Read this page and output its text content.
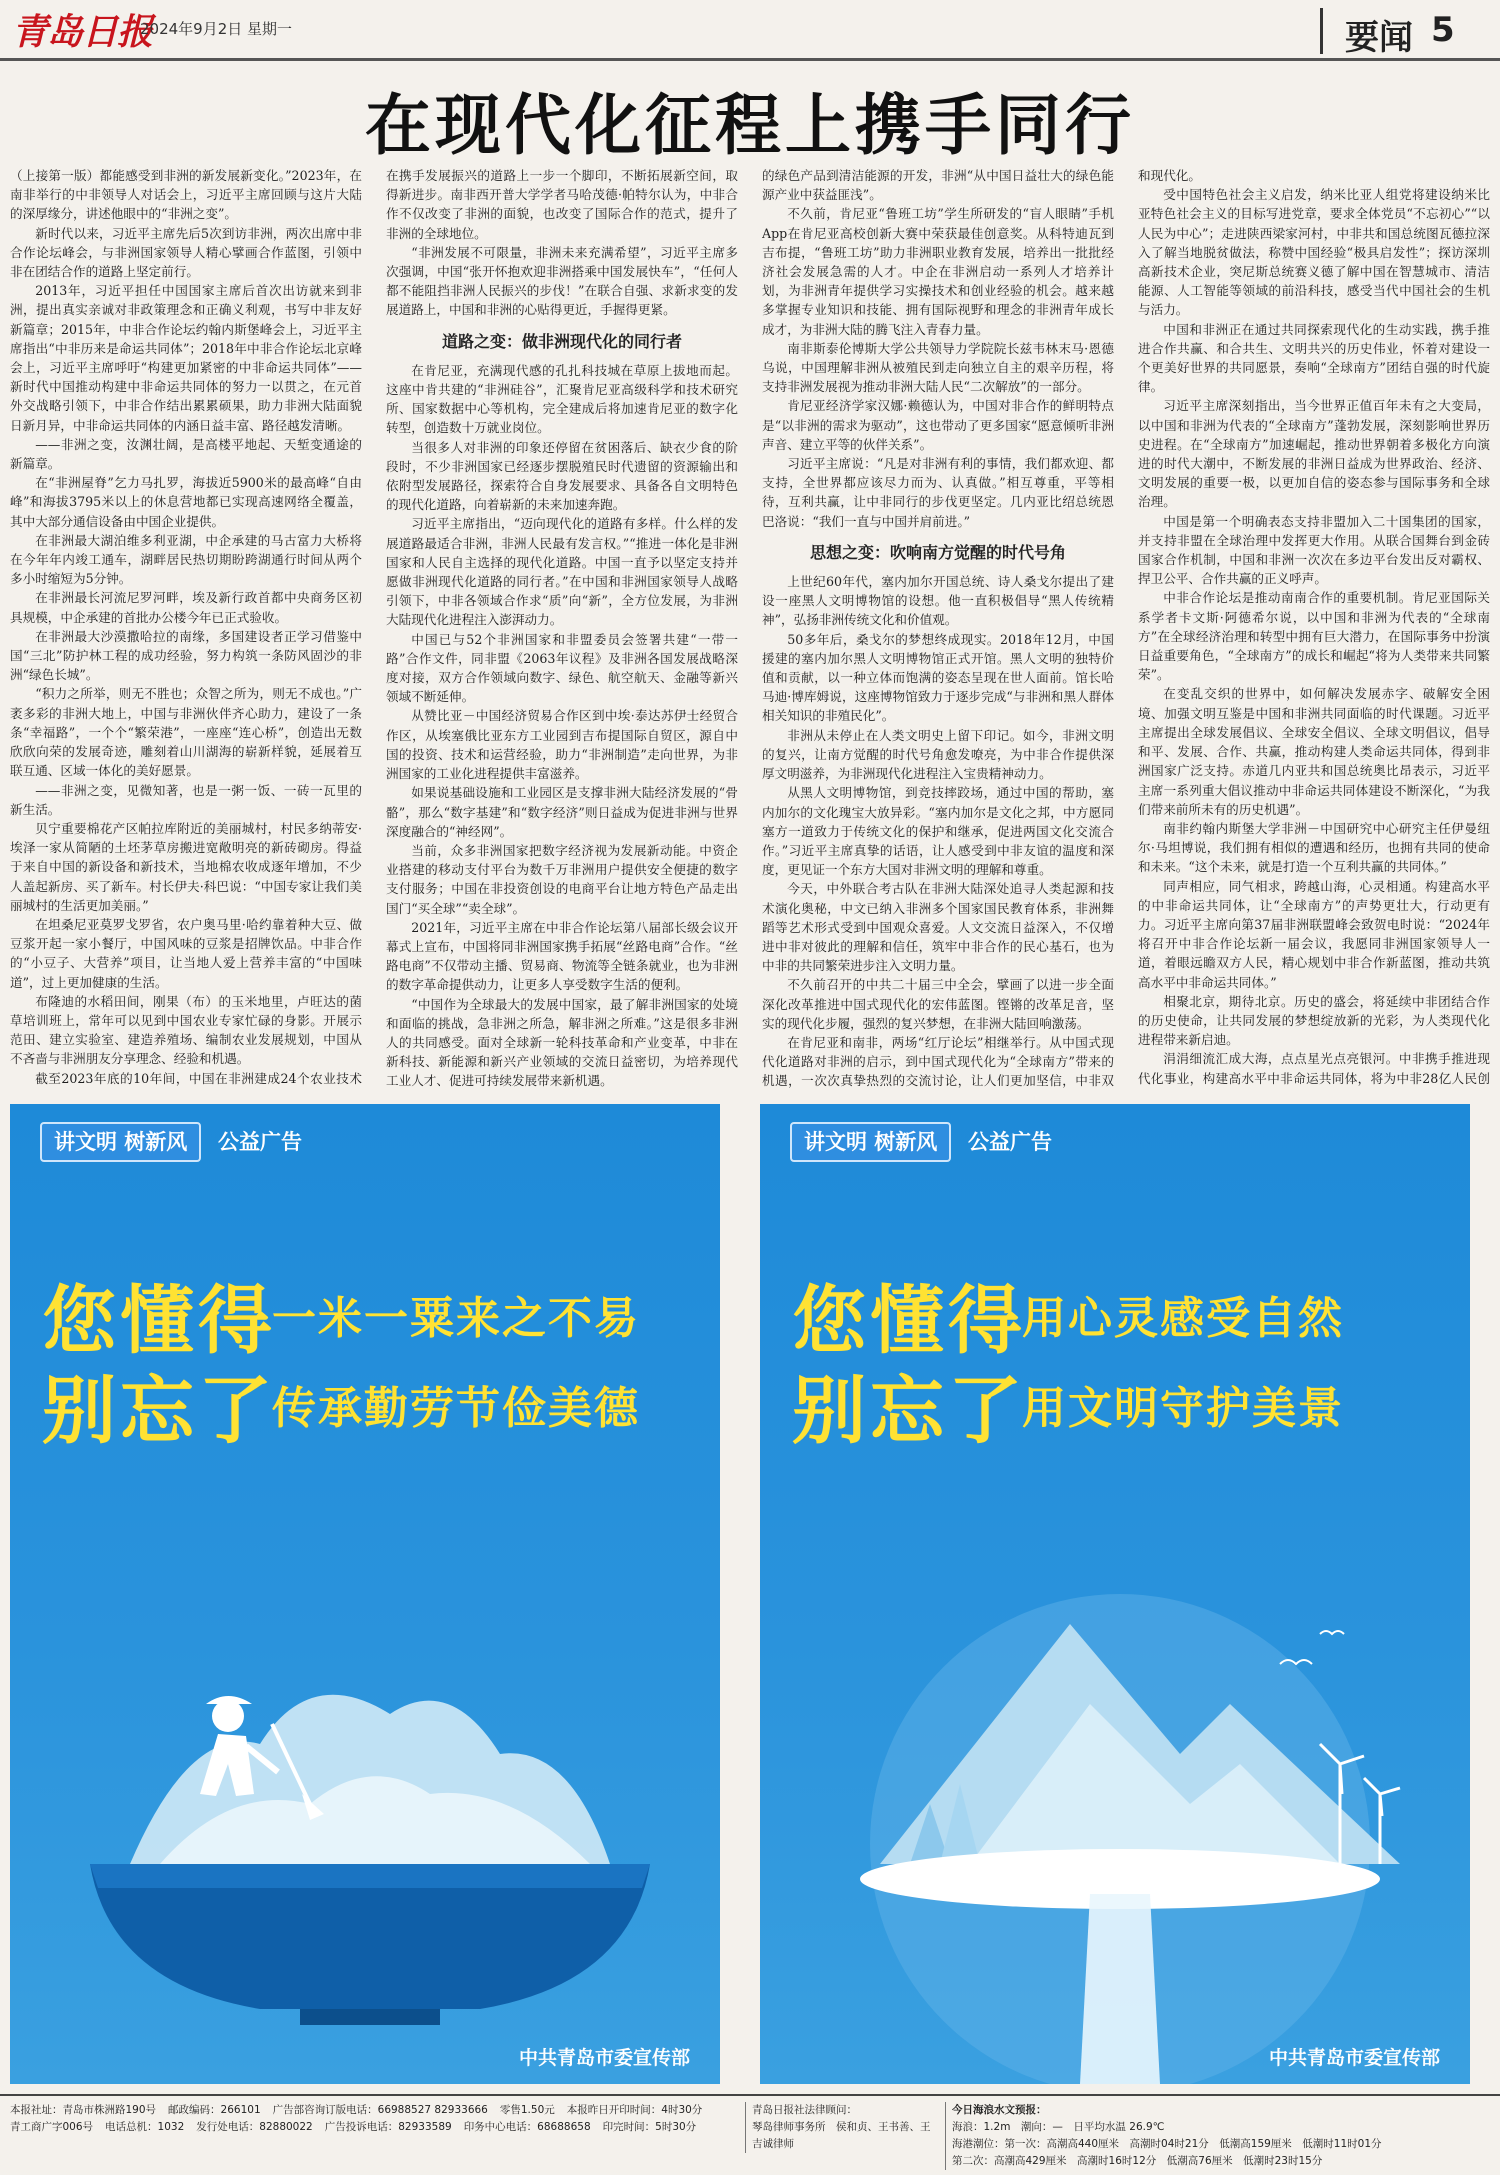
青岛日报
2024年9月2日 星期一	要闻 5
在现代化征程上携手同行

（上接第一版）都能感受到非洲的新发展新变化。”2023年，在南非举行的中非领导人对话会上，习近平主席回顾与这片大陆的深厚缘分，讲述他眼中的“非洲之变”。

新时代以来，习近平主席先后5次到访非洲，两次出席中非合作论坛峰会，与非洲国家领导人精心擘画合作蓝图，引领中非在团结合作的道路上坚定前行。

2013年，习近平担任中国国家主席后首次出访就来到非洲，提出真实亲诚对非政策理念和正确义利观，书写中非友好新篇章；2015年，中非合作论坛约翰内斯堡峰会上，习近平主席指出“中非历来是命运共同体”；2018年中非合作论坛北京峰会上，习近平主席呼吁“构建更加紧密的中非命运共同体”——新时代中国推动构建中非命运共同体的努力一以贯之，在元首外交战略引领下，中非合作结出累累硕果，助力非洲大陆面貌日新月异，中非命运共同体的内涵日益丰富、路径越发清晰。

——非洲之变，汝渊壮阔，是高楼平地起、天堑变通途的新篇章。

在“非洲屋脊”乞力马扎罗，海拔近5900米的最高峰“自由峰”和海拔3795米以上的休息营地都已实现高速网络全覆盖，其中大部分通信设备由中国企业提供。

在非洲最大湖泊维多利亚湖，中企承建的马古富力大桥将在今年年内竣工通车，湖畔居民热切期盼跨湖通行时间从两个多小时缩短为5分钟。

在非洲最长河流尼罗河畔，埃及新行政首都中央商务区初具规模，中企承建的首批办公楼今年已正式验收。

在非洲最大沙漠撒哈拉的南缘，多国建设者正学习借鉴中国“三北”防护林工程的成功经验，努力构筑一条防风固沙的非洲“绿色长城”。

“积力之所举，则无不胜也；众智之所为，则无不成也。”广袤多彩的非洲大地上，中国与非洲伙伴齐心助力，建设了一条条“幸福路”，一个个“繁荣港”，一座座“连心桥”，创造出无数欣欣向荣的发展奇迹，雕刻着山川湖海的崭新样貌，延展着互联互通、区域一体化的美好愿景。

——非洲之变，见微知著，也是一粥一饭、一砖一瓦里的新生活。

贝宁重要棉花产区帕拉库附近的美丽城村，村民多纳蒂安·埃泽一家从简陋的土坯茅草房搬进宽敞明亮的新砖砌房。得益于来自中国的新设备和新技术，当地棉农收成逐年增加，不少人盖起新房、买了新车。村长伊夫·科巴说：“中国专家让我们美丽城村的生活更加美丽。”

在坦桑尼亚莫罗戈罗省，农户奥马里·哈约靠着种大豆、做豆浆开起一家小餐厅，中国风味的豆浆是招牌饮品。中非合作的“小豆子、大营养”项目，让当地人爱上营养丰富的“中国味道”，过上更加健康的生活。

布隆迪的水稻田间，刚果（布）的玉米地里，卢旺达的菌草培训班上，常年可以见到中国农业专家忙碌的身影。开展示范田、建立实验室、建造养殖场、编制农业发展规划，中国从不吝啬与非洲朋友分享理念、经验和机遇。

截至2023年底的10年间，中国在非洲建成24个农业技术

在携手发展振兴的道路上一步一个脚印，不断拓展新空间，取得新进步。南非西开普大学学者马哈茂德·帕特尔认为，中非合作不仅改变了非洲的面貌，也改变了国际合作的范式，提升了非洲的全球地位。

“非洲发展不可限量，非洲未来充满希望”，习近平主席多次强调，中国“张开怀抱欢迎非洲搭乘中国发展快车”，“任何人都不能阻挡非洲人民振兴的步伐！”在联合自强、求新求变的发展道路上，中国和非洲的心贴得更近，手握得更紧。

道路之变：做非洲现代化的同行者

在肯尼亚，充满现代感的孔扎科技城在草原上拔地而起。这座中肯共建的“非洲硅谷”，汇聚肯尼亚高级科学和技术研究所、国家数据中心等机构，完全建成后将加速肯尼亚的数字化转型，创造数十万就业岗位。

当很多人对非洲的印象还停留在贫困落后、缺衣少食的阶段时，不少非洲国家已经逐步摆脱殖民时代遗留的资源输出和依附型发展路径，探索符合自身发展要求、具备各自文明特色的现代化道路，向着崭新的未来加速奔跑。

习近平主席指出，“迈向现代化的道路有多样。什么样的发展道路最适合非洲，非洲人民最有发言权。”“推进一体化是非洲国家和人民自主选择的现代化道路。中国一直予以坚定支持并愿做非洲现代化道路的同行者。”在中国和非洲国家领导人战略引领下，中非各领域合作求“质”向“新”，全方位发展，为非洲大陆现代化进程注入澎湃动力。

中国已与52个非洲国家和非盟委员会签署共建“一带一路”合作文件，同非盟《2063年议程》及非洲各国发展战略深度对接，双方合作领域向数字、绿色、航空航天、金融等新兴领域不断延伸。

从赞比亚－中国经济贸易合作区到中埃·泰达苏伊士经贸合作区，从埃塞俄比亚东方工业园到吉布提国际自贸区，源自中国的投资、技术和运营经验，助力“非洲制造”走向世界，为非洲国家的工业化进程提供丰富滋养。

如果说基础设施和工业园区是支撑非洲大陆经济发展的“骨骼”，那么“数字基建”和“数字经济”则日益成为促进非洲与世界深度融合的“神经网”。

当前，众多非洲国家把数字经济视为发展新动能。中资企业搭建的移动支付平台为数千万非洲用户提供安全便捷的数字支付服务；中国在非投资创设的电商平台让地方特色产品走出国门“买全球”“卖全球”。

2021年，习近平主席在中非合作论坛第八届部长级会议开幕式上宣布，中国将同非洲国家携手拓展“丝路电商”合作。“丝路电商”不仅带动主播、贸易商、物流等全链条就业，也为非洲的数字革命提供动力，让更多人享受数字生活的便利。

“中国作为全球最大的发展中国家，最了解非洲国家的处境和面临的挑战，急非洲之所急，解非洲之所难。”这是很多非洲人的共同感受。面对全球新一轮科技革命和产业变革，中非在新科技、新能源和新兴产业领域的交流日益密切，为培养现代工业人才、促进可持续发展带来新机遇。

的绿色产品到清洁能源的开发，非洲“从中国日益壮大的绿色能源产业中获益匪浅”。

不久前，肯尼亚“鲁班工坊”学生所研发的“盲人眼睛”手机App在肯尼亚高校创新大赛中荣获最佳创意奖。从科特迪瓦到吉布提，“鲁班工坊”助力非洲职业教育发展，培养出一批批经济社会发展急需的人才。中企在非洲启动一系列人才培养计划，为非洲青年提供学习实操技术和创业经验的机会。越来越多掌握专业知识和技能、拥有国际视野和理念的非洲青年成长成才，为非洲大陆的腾飞注入青春力量。

南非斯泰伦博斯大学公共领导力学院院长兹韦林末马·恩德乌说，中国理解非洲从被殖民到走向独立自主的艰辛历程，将支持非洲发展视为推动非洲大陆人民“二次解放”的一部分。

肯尼亚经济学家汉娜·赖德认为，中国对非合作的鲜明特点是“以非洲的需求为驱动”，这也带动了更多国家“愿意倾听非洲声音、建立平等的伙伴关系”。

习近平主席说：“凡是对非洲有利的事情，我们都欢迎、都支持，全世界都应该尽力而为、认真做。”相互尊重，平等相待，互利共赢，让中非同行的步伐更坚定。几内亚比绍总统恩巴洛说：“我们一直与中国并肩前进。”

思想之变：吹响南方觉醒的时代号角

上世纪60年代，塞内加尔开国总统、诗人桑戈尔提出了建设一座黑人文明博物馆的设想。他一直积极倡导“黑人传统精神”，弘扬非洲传统文化和价值观。

50多年后，桑戈尔的梦想终成现实。2018年12月，中国援建的塞内加尔黑人文明博物馆正式开馆。黑人文明的独特价值和贡献，以一种立体而饱满的姿态呈现在世人面前。馆长哈马迪·博库姆说，这座博物馆致力于逐步完成“与非洲和黑人群体相关知识的非殖民化”。

非洲从未停止在人类文明史上留下印记。如今，非洲文明的复兴，让南方觉醒的时代号角愈发嘹亮，为中非合作提供深厚文明滋养，为非洲现代化进程注入宝贵精神动力。

从黑人文明博物馆，到竞技摔跤场，通过中国的帮助，塞内加尔的文化瑰宝大放异彩。“塞内加尔是文化之邦，中方愿同塞方一道致力于传统文化的保护和继承，促进两国文化交流合作。”习近平主席真挚的话语，让人感受到中非友谊的温度和深度，更见证一个东方大国对非洲文明的理解和尊重。

今天，中外联合考古队在非洲大陆深处追寻人类起源和技术演化奥秘，中文已纳入非洲多个国家国民教育体系，非洲舞蹈等艺术形式受到中国观众喜爱。人文交流日益深入，不仅增进中非对彼此的理解和信任，筑牢中非合作的民心基石，也为中非的共同繁荣进步注入文明力量。

不久前召开的中共二十届三中全会，擘画了以进一步全面深化改革推进中国式现代化的宏伟蓝图。铿锵的改革足音，坚实的现代化步履，强烈的复兴梦想，在非洲大陆回响激荡。

在肯尼亚和南非，两场“红厅论坛”相继举行。从中国式现代化道路对非洲的启示，到中国式现代化为“全球南方”带来的机遇，一次次真挚热烈的交流讨论，让人们更加坚信，中非双

和现代化。

受中国特色社会主义启发，纳米比亚人组党将建设纳米比亚特色社会主义的目标写进党章，要求全体党员“不忘初心”“以人民为中心”；走进陕西梁家河村，中非共和国总统图瓦德拉深入了解当地脱贫做法，称赞中国经验“极具启发性”；探访深圳高新技术企业，突尼斯总统赛义德了解中国在智慧城市、清洁能源、人工智能等领域的前沿科技，感受当代中国社会的生机与活力。

中国和非洲正在通过共同探索现代化的生动实践，携手推进合作共赢、和合共生、文明共兴的历史伟业，怀着对建设一个更美好世界的共同愿景，奏响“全球南方”团结自强的时代旋律。

习近平主席深刻指出，当今世界正值百年未有之大变局，以中国和非洲为代表的“全球南方”蓬勃发展，深刻影响世界历史进程。在“全球南方”加速崛起，推动世界朝着多极化方向演进的时代大潮中，不断发展的非洲日益成为世界政治、经济、文明发展的重要一极，以更加自信的姿态参与国际事务和全球治理。

中国是第一个明确表态支持非盟加入二十国集团的国家，并支持非盟在全球治理中发挥更大作用。从联合国舞台到金砖国家合作机制，中国和非洲一次次在多边平台发出反对霸权、捍卫公平、合作共赢的正义呼声。

中非合作论坛是推动南南合作的重要机制。肯尼亚国际关系学者卡文斯·阿德希尔说，以中国和非洲为代表的“全球南方”在全球经济治理和转型中拥有巨大潜力，在国际事务中扮演日益重要角色，“全球南方”的成长和崛起“将为人类带来共同繁荣”。

在变乱交织的世界中，如何解决发展赤字、破解安全困境、加强文明互鉴是中国和非洲共同面临的时代课题。习近平主席提出全球发展倡议、全球安全倡议、全球文明倡议，倡导和平、发展、合作、共赢，推动构建人类命运共同体，得到非洲国家广泛支持。赤道几内亚共和国总统奥比昂表示，习近平主席一系列重大倡议推动中非命运共同体建设不断深化，“为我们带来前所未有的历史机遇”。

南非约翰内斯堡大学非洲－中国研究中心研究主任伊曼纽尔·马坦博说，我们拥有相似的遭遇和经历，也拥有共同的使命和未来。“这个未来，就是打造一个互利共赢的共同体。”

同声相应，同气相求，跨越山海，心灵相通。构建高水平的中非命运共同体，让“全球南方”的声势更壮大，行动更有力。习近平主席向第37届非洲联盟峰会致贺电时说：“2024年将召开中非合作论坛新一届会议，我愿同非洲国家领导人一道，着眼远瞻双方人民，精心规划中非合作新蓝图，推动共筑高水平中非命运共同体。”

相聚北京，期待北京。历史的盛会，将延续中非团结合作的历史使命，让共同发展的梦想绽放新的光彩，为人类现代化进程带来新启迪。

涓涓细流汇成大海，点点星光点亮银河。中非携手推进现代化事业，构建高水平中非命运共同体，将为中非28亿人民创

讲文明 树新风	公益广告
您懂得
一米一粟来之不易
别忘了
传承勤劳节俭美德
中共青岛市委宣传部
讲文明 树新风	公益广告
您懂得
用心灵感受自然
别忘了
用文明守护美景
中共青岛市委宣传部
本报社址：青岛市株洲路190号 邮政编码：266101 广告部咨询订版电话：66988527 82933666 零售1.50元 本报昨日开印时间：4时30分
青工商广字006号 电话总机：1032 发行处电话：82880022 广告投诉电话：82933589 印务中心电话：68688658 印完时间：5时30分
青岛日报社法律顾问：
琴岛律师事务所　侯和贞、王书善、王吉诚律师
今日海浪水文预报：
海浪：1.2m　潮向：—　日平均水温 26.9℃
海港潮位：第一次：高潮高440厘米　高潮时04时21分　低潮高159厘米　低潮时11时01分
第二次：高潮高429厘米　高潮时16时12分　低潮高76厘米　低潮时23时15分
